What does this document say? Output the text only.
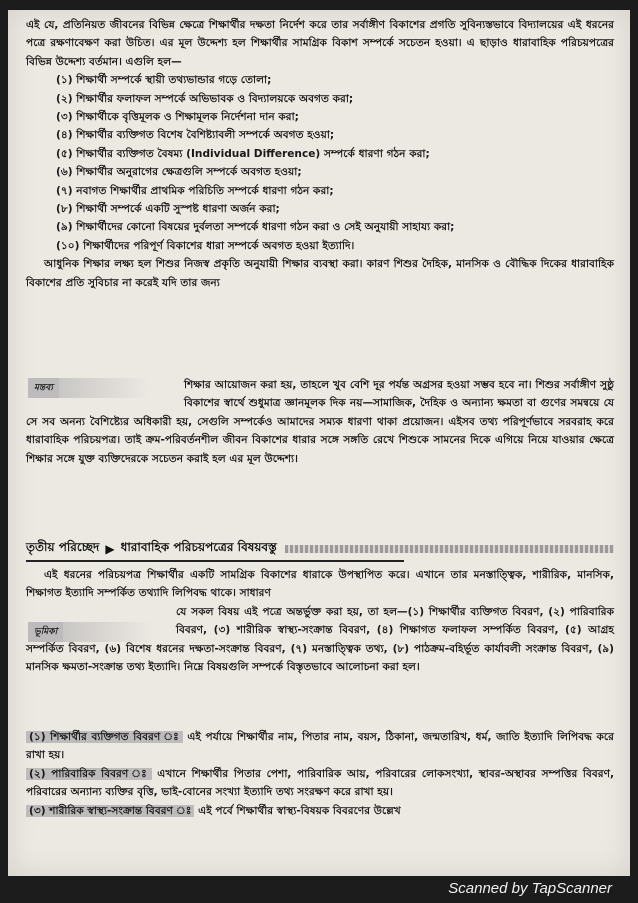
এই যে, প্রতিনিয়ত জীবনের বিভিন্ন ক্ষেত্রে শিক্ষার্থীর দক্ষতা নির্দেশ করে তার সর্বাঙ্গীণ বিকাশের প্রগতি সুবিন্যস্তভাবে বিদ্যালয়ের এই ধরনের পত্রে রক্ষণাবেক্ষণ করা উচিত। এর মূল উদ্দেশ্য হল শিক্ষার্থীর সামগ্রিক বিকাশ সম্পর্কে সচেতন হওয়া। এ ছাড়াও ধারাবাহিক পরিচয়পত্রের বিভিন্ন উদ্দেশ্য বর্তমান। এগুলি হল—

(১) শিক্ষার্থী সম্পর্কে স্থায়ী তথ্যভান্ডার গড়ে তোলা;
(২) শিক্ষার্থীর ফলাফল সম্পর্কে অভিভাবক ও বিদ্যালয়কে অবগত করা;
(৩) শিক্ষার্থীকে বৃত্তিমূলক ও শিক্ষামূলক নির্দেশনা দান করা;
(৪) শিক্ষার্থীর ব্যক্তিগত বিশেষ বৈশিষ্ট্যাবলী সম্পর্কে অবগত হওয়া;
(৫) শিক্ষার্থীর ব্যক্তিগত বৈষম্য (Individual Difference) সম্পর্কে ধারণা গঠন করা;
(৬) শিক্ষার্থীর অনুরাগের ক্ষেত্রগুলি সম্পর্কে অবগত হওয়া;
(৭) নবাগত শিক্ষার্থীর প্রাথমিক পরিচিতি সম্পর্কে ধারণা গঠন করা;
(৮) শিক্ষার্থী সম্পর্কে একটি সুস্পষ্ট ধারণা অর্জন করা;
(৯) শিক্ষার্থীদের কোনো বিষয়ের দুর্বলতা সম্পর্কে ধারণা গঠন করা ও সেই অনুযায়ী সাহায্য করা;
(১০) শিক্ষার্থীদের পরিপূর্ণ বিকাশের ধারা সম্পর্কে অবগত হওয়া ইত্যাদি।

আধুনিক শিক্ষার লক্ষ্য হল শিশুর নিজস্ব প্রকৃতি অনুযায়ী শিক্ষার ব্যবস্থা করা। কারণ শিশুর দৈহিক, মানসিক ও বৌদ্ধিক দিকের ধারাবাহিক বিকাশের প্রতি সুবিচার না করেই যদি তার জন্য

মন্তব্য	শিক্ষার আয়োজন করা হয়, তাহলে খুব বেশি দূর পর্যন্ত অগ্রসর হওয়া সম্ভব হবে না। শিশুর সর্বাঙ্গীণ সুষ্ঠু বিকাশের স্বার্থে শুধুমাত্র জ্ঞানমূলক দিক নয়—সামাজিক, দৈহিক ও অন্যান্য ক্ষমতা বা গুণের সমন্বয়ে যে সে সব অনন্য বৈশিষ্ট্যের অধিকারী হয়, সেগুলি সম্পর্কেও আমাদের সম্যক ধারণা থাকা প্রয়োজন। এইসব তথ্য পরিপূর্ণভাবে সরবরাহ করে ধারাবাহিক পরিচয়পত্র। তাই ক্রম-পরিবর্তনশীল জীবন বিকাশের ধারার সঙ্গে সঙ্গতি রেখে শিশুকে সামনের দিকে এগিয়ে নিয়ে যাওয়ার ক্ষেত্রে শিক্ষার সঙ্গে যুক্ত ব্যক্তিদেরকে সচেতন করাই হল এর মূল উদ্দেশ্য।

তৃতীয় পরিচ্ছেদ ▶ ধারাবাহিক পরিচয়পত্রের বিষয়বস্তু

এই ধরনের পরিচয়পত্র শিক্ষার্থীর একটি সামগ্রিক বিকাশের ধারাকে উপস্থাপিত করে। এখানে তার মনস্তাত্ত্বিক, শারীরিক, মানসিক, শিক্ষাগত ইত্যাদি সম্পর্কিত তথ্যাদি লিপিবদ্ধ থাকে। সাধারণ

ভূমিকা

যে সকল বিষয় এই পত্রে অন্তর্ভুক্ত করা হয়, তা হল—(১) শিক্ষার্থীর ব্যক্তিগত বিবরণ, (২) পারিবারিক বিবরণ, (৩) শারীরিক স্বাস্থ্য-সংক্রান্ত বিবরণ, (৪) শিক্ষাগত ফলাফল সম্পর্কিত বিবরণ, (৫) আগ্রহ সম্পর্কিত বিবরণ, (৬) বিশেষ ধরনের দক্ষতা-সংক্রান্ত বিবরণ, (৭) মনস্তাত্ত্বিক তথ্য, (৮) পাঠক্রম-বহির্ভূত কার্যাবলী সংক্রান্ত বিবরণ, (৯) মানসিক ক্ষমতা-সংক্রান্ত তথ্য ইত্যাদি। নিম্নে বিষয়গুলি সম্পর্কে বিস্তৃতভাবে আলোচনা করা হল।

(১) শিক্ষার্থীর ব্যক্তিগত বিবরণ ঃ এই পর্যায়ে শিক্ষার্থীর নাম, পিতার নাম, বয়স, ঠিকানা, জন্মতারিখ, ধর্ম, জাতি ইত্যাদি লিপিবদ্ধ করে রাখা হয়।

(২) পারিবারিক বিবরণ ঃ এখানে শিক্ষার্থীর পিতার পেশা, পারিবারিক আয়, পরিবারের লোকসংখ্যা, স্থাবর-অস্থাবর সম্পত্তির বিবরণ, পরিবারের অন্যান্য ব্যক্তির বৃত্তি, ভাই-বোনের সংখ্যা ইত্যাদি তথ্য সংরক্ষণ করে রাখা হয়।

(৩) শারীরিক স্বাস্থ্য-সংক্রান্ত বিবরণ ঃ এই পর্বে শিক্ষার্থীর স্বাস্থ্য-বিষয়ক বিবরণের উল্লেখ

Scanned by TapScanner
